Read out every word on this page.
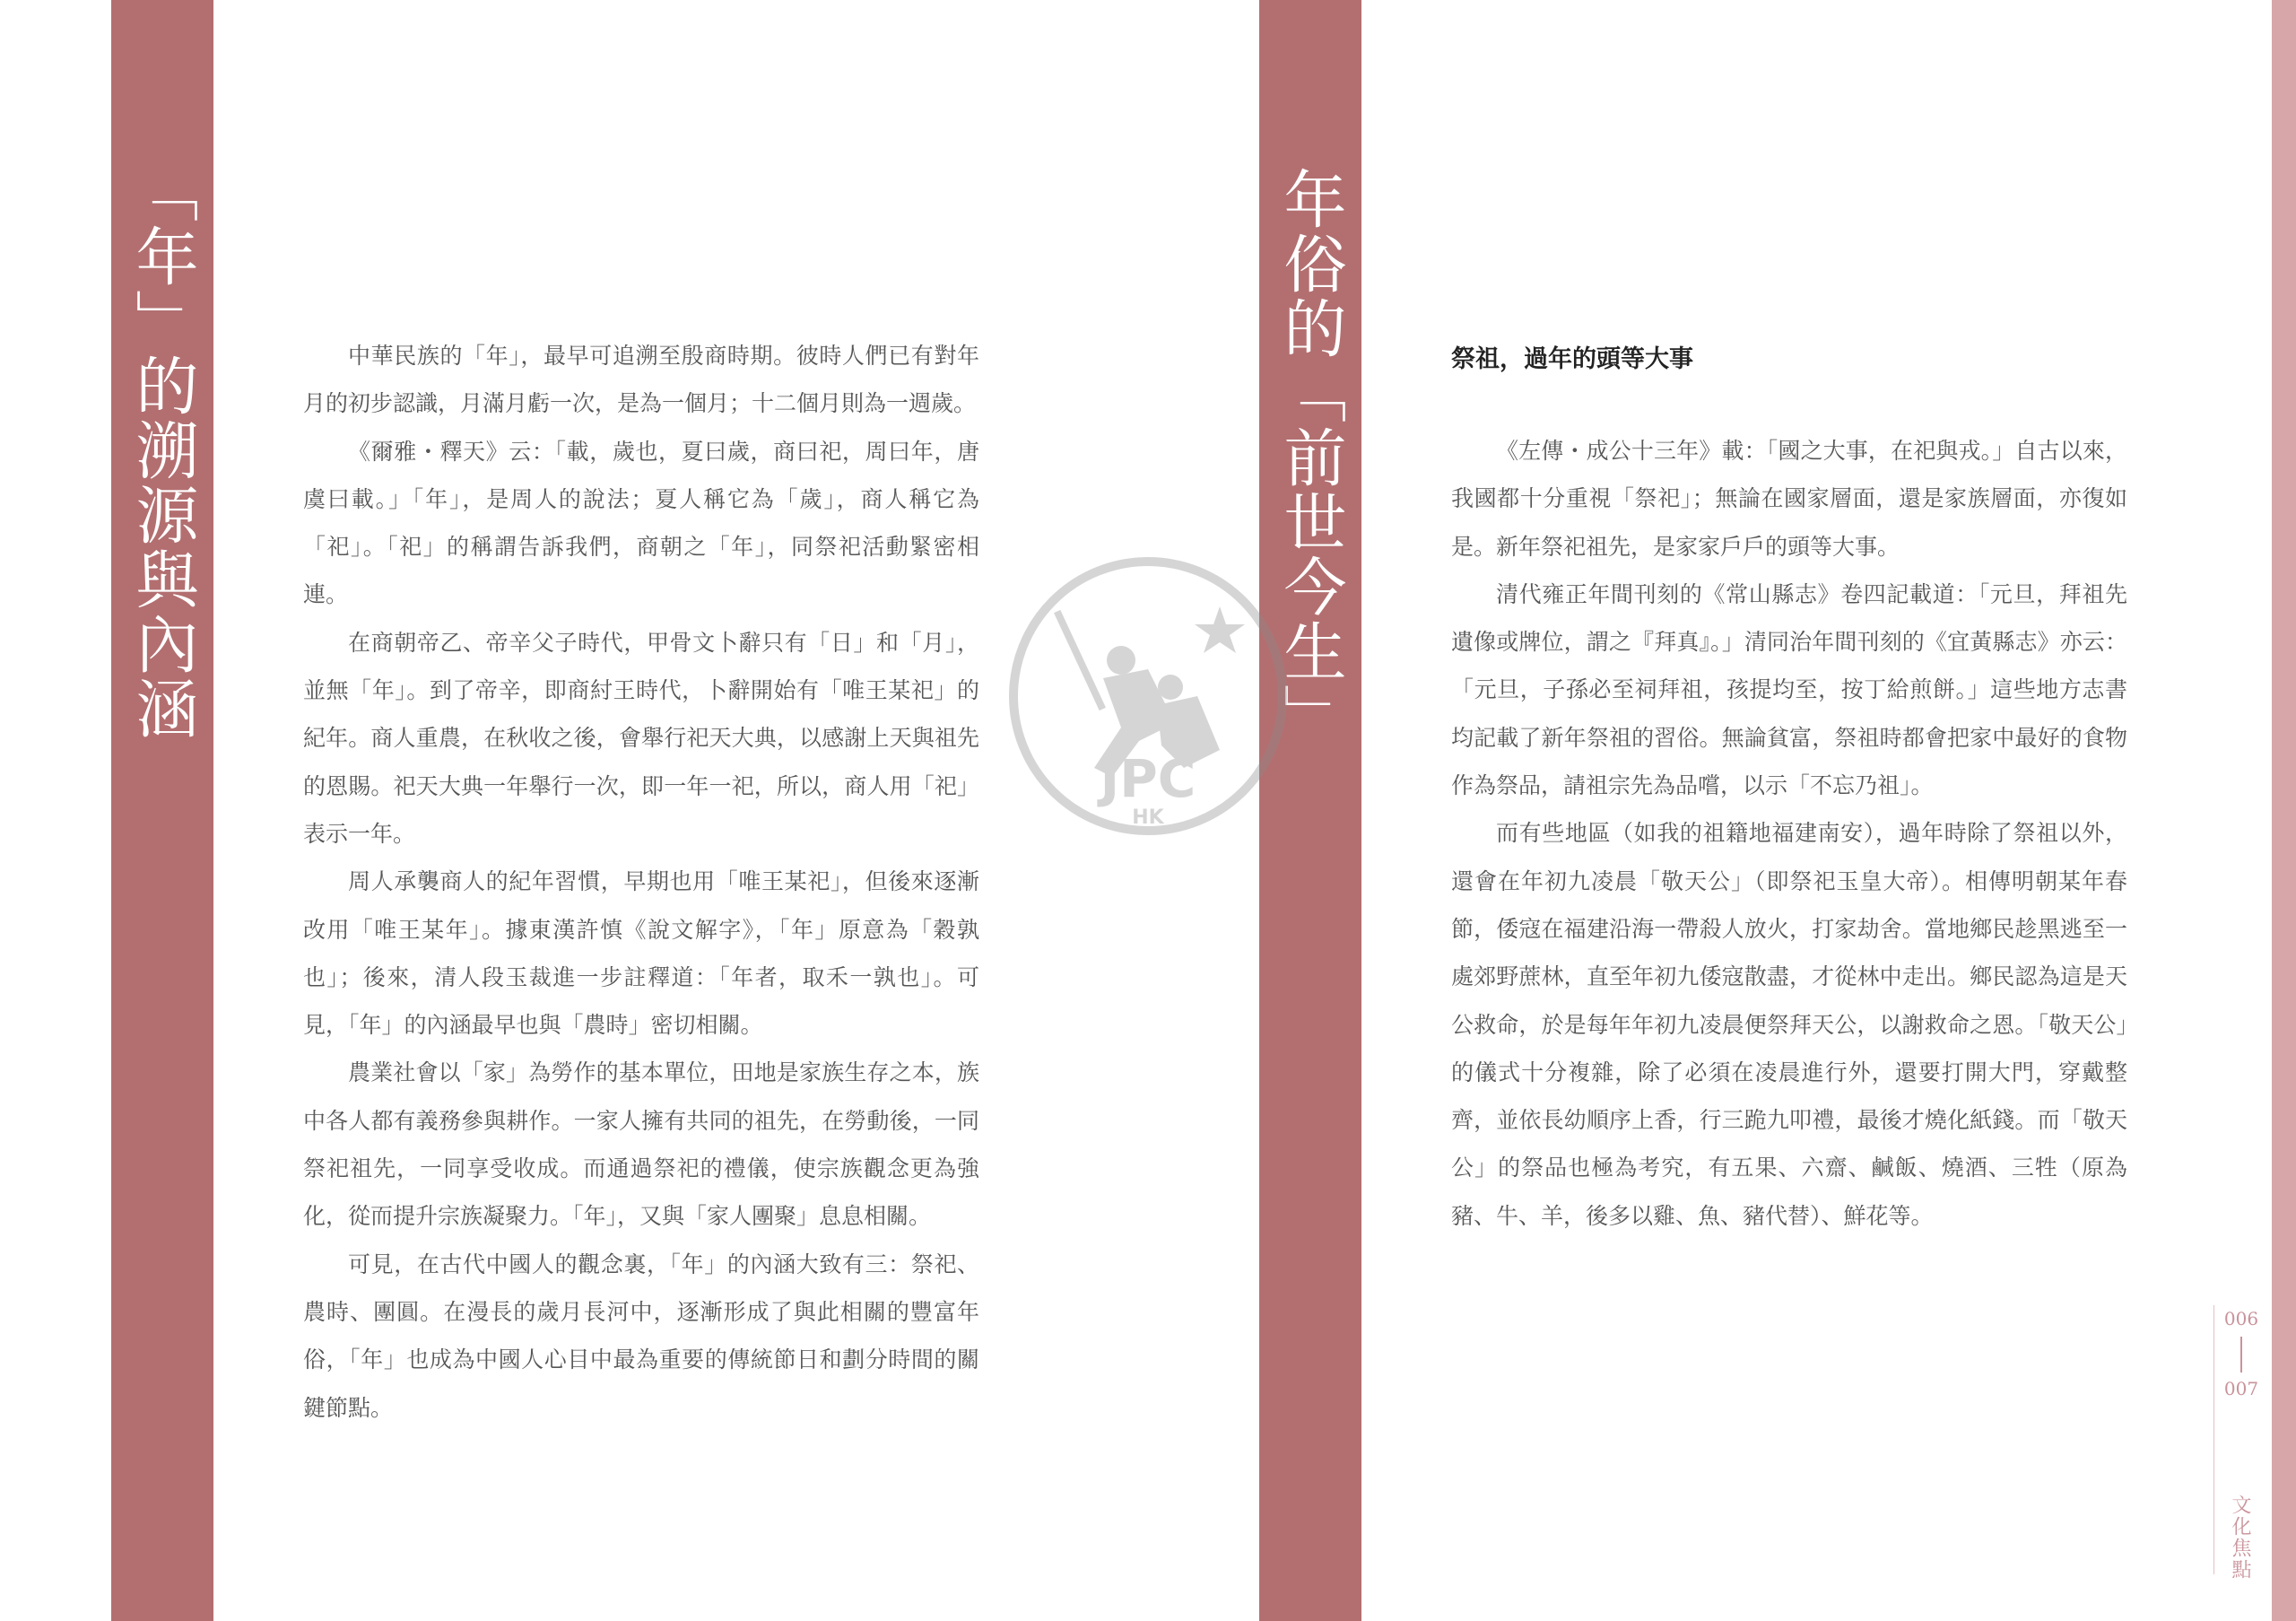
「年」的溯源與內涵	年俗的「前世今生」

中華民族的「年」，最早可追溯至殷商時期。彼時人們已有對年月的初步認識，月滿月虧一次，是為一個月；十二個月則為一週歲。

《爾雅・釋天》云：「載，歲也，夏曰歲，商曰祀，周曰年，唐虞曰載。」「年」，是周人的說法；夏人稱它為「歲」，商人稱它為「祀」。「祀」的稱謂告訴我們，商朝之「年」，同祭祀活動緊密相連。

在商朝帝乙、帝辛父子時代，甲骨文卜辭只有「日」和「月」，並無「年」。到了帝辛，即商紂王時代，卜辭開始有「唯王某祀」的紀年。商人重農，在秋收之後，會舉行祀天大典，以感謝上天與祖先的恩賜。祀天大典一年舉行一次，即一年一祀，所以，商人用「祀」表示一年。

周人承襲商人的紀年習慣，早期也用「唯王某祀」，但後來逐漸改用「唯王某年」。據東漢許慎《說文解字》，「年」原意為「穀孰也」；後來，清人段玉裁進一步註釋道：「年者，取禾一孰也」。可見，「年」的內涵最早也與「農時」密切相關。

農業社會以「家」為勞作的基本單位，田地是家族生存之本，族中各人都有義務參與耕作。一家人擁有共同的祖先，在勞動後，一同祭祀祖先，一同享受收成。而通過祭祀的禮儀，使宗族觀念更為強化，從而提升宗族凝聚力。「年」，又與「家人團聚」息息相關。

可見，在古代中國人的觀念裏，「年」的內涵大致有三：祭祀、農時、團圓。在漫長的歲月長河中，逐漸形成了與此相關的豐富年俗，「年」也成為中國人心目中最為重要的傳統節日和劃分時間的關鍵節點。

祭祖，過年的頭等大事

《左傳・成公十三年》載：「國之大事，在祀與戎。」自古以來，我國都十分重視「祭祀」；無論在國家層面，還是家族層面，亦復如是。新年祭祀祖先，是家家戶戶的頭等大事。

清代雍正年間刊刻的《常山縣志》卷四記載道：「元旦，拜祖先遺像或牌位，謂之『拜真』。」清同治年間刊刻的《宜黃縣志》亦云：「元旦，子孫必至祠拜祖，孩提均至，按丁給煎餅。」這些地方志書均記載了新年祭祖的習俗。無論貧富，祭祖時都會把家中最好的食物作為祭品，請祖宗先為品嚐，以示「不忘乃祖」。

而有些地區（如我的祖籍地福建南安），過年時除了祭祖以外，還會在年初九凌晨「敬天公」（即祭祀玉皇大帝）。相傳明朝某年春節，倭寇在福建沿海一帶殺人放火，打家劫舍。當地鄉民趁黑逃至一處郊野蔗林，直至年初九倭寇散盡，才從林中走出。鄉民認為這是天公救命，於是每年年初九凌晨便祭拜天公，以謝救命之恩。「敬天公」的儀式十分複雜，除了必須在凌晨進行外，還要打開大門，穿戴整齊，並依長幼順序上香，行三跪九叩禮，最後才燒化紙錢。而「敬天公」的祭品也極為考究，有五果、六齋、鹹飯、燒酒、三牲（原為豬、牛、羊，後多以雞、魚、豬代替）、鮮花等。

006
007
文化焦點
JPC
HK
